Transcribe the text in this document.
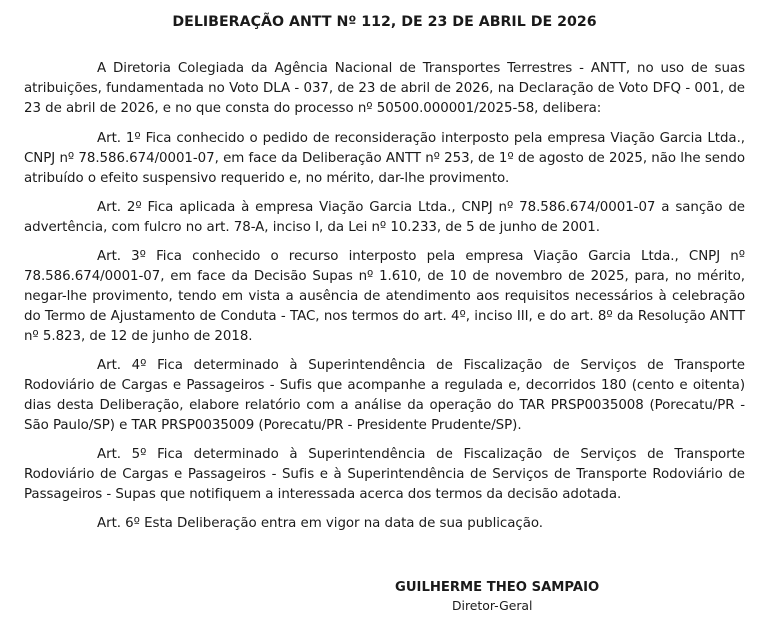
DELIBERAÇÃO ANTT Nº 112, DE 23 DE ABRIL DE 2026

A Diretoria Colegiada da Agência Nacional de Transportes Terrestres - ANTT, no uso de suas atribuições, fundamentada no Voto DLA - 037, de 23 de abril de 2026, na Declaração de Voto DFQ - 001, de 23 de abril de 2026, e no que consta do processo nº 50500.000001/2025-58, delibera:

Art. 1º Fica conhecido o pedido de reconsideração interposto pela empresa Viação Garcia Ltda., CNPJ nº 78.586.674/0001-07, em face da Deliberação ANTT nº 253, de 1º de agosto de 2025, não lhe sendo atribuído o efeito suspensivo requerido e, no mérito, dar-lhe provimento.

Art. 2º Fica aplicada à empresa Viação Garcia Ltda., CNPJ nº 78.586.674/0001-07 a sanção de advertência, com fulcro no art. 78-A, inciso I, da Lei nº 10.233, de 5 de junho de 2001.

Art. 3º Fica conhecido o recurso interposto pela empresa Viação Garcia Ltda., CNPJ nº 78.586.674/0001-07, em face da Decisão Supas nº 1.610, de 10 de novembro de 2025, para, no mérito, negar-lhe provimento, tendo em vista a ausência de atendimento aos requisitos necessários à celebração do Termo de Ajustamento de Conduta - TAC, nos termos do art. 4º, inciso III, e do art. 8º da Resolução ANTT nº 5.823, de 12 de junho de 2018.

Art. 4º Fica determinado à Superintendência de Fiscalização de Serviços de Transporte Rodoviário de Cargas e Passageiros - Sufis que acompanhe a regulada e, decorridos 180 (cento e oitenta) dias desta Deliberação, elabore relatório com a análise da operação do TAR PRSP0035008 (Porecatu/PR - São Paulo/SP) e TAR PRSP0035009 (Porecatu/PR - Presidente Prudente/SP).

Art. 5º Fica determinado à Superintendência de Fiscalização de Serviços de Transporte Rodoviário de Cargas e Passageiros - Sufis e à Superintendência de Serviços de Transporte Rodoviário de Passageiros - Supas que notifiquem a interessada acerca dos termos da decisão adotada.

Art. 6º Esta Deliberação entra em vigor na data de sua publicação.

GUILHERME THEO SAMPAIO
Diretor-Geral
